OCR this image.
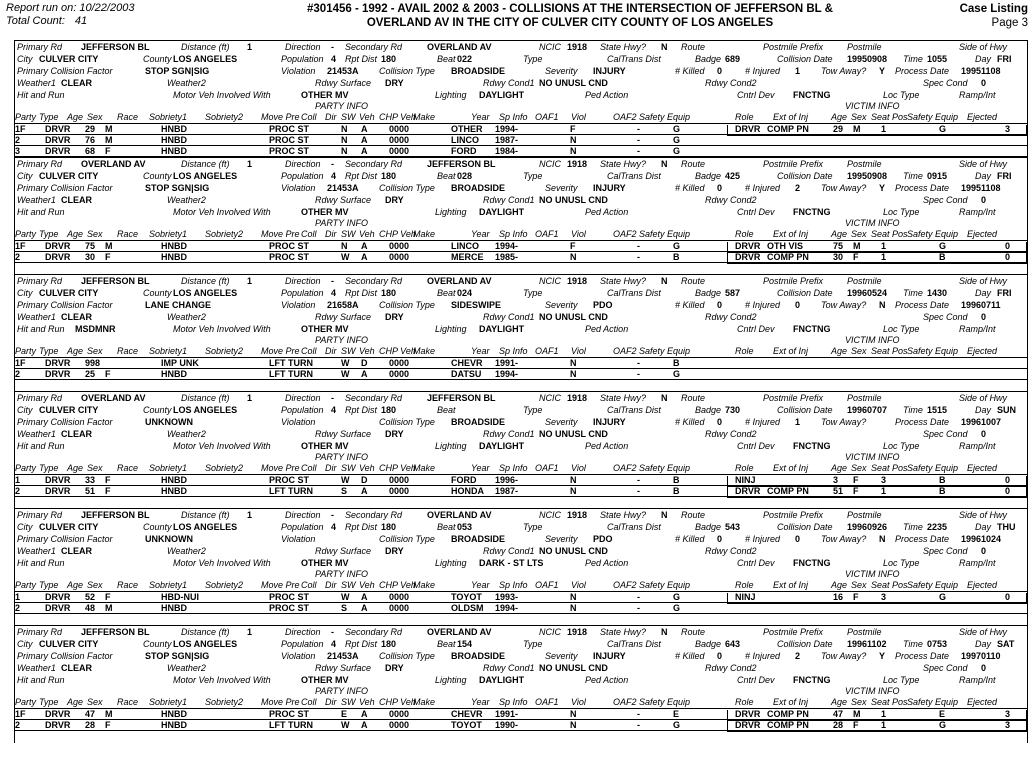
Report run on: 10/22/2003
Total Count: 41
#301456 - 1992 - AVAIL 2002 & 2003 - COLLISIONS AT THE INTERSECTION OF JEFFERSON BL &
OVERLAND AV IN THE CITY OF CULVER CITY COUNTY OF LOS ANGELES
Case Listing
Page 3
Primary Rd JEFFERSON BL	Distance (ft) 1	Direction - Secondary Rd	OVERLAND AV	NCIC 1918 State Hwy? N Route	Postmile Prefix	Postmile	Side of Hwy
City CULVER CITY	County LOS ANGELES	Population 4 Rpt Dist 180	Beat 022	Type	CalTrans Dist	Badge 689	Collision Date 19950908 Time 1055	Day FRI
Primary Collision Factor	STOP SGN|SIG	Violation 21453A Collision Type BROADSIDE	Severity INJURY	# Killed 0	# Injured 1 Tow Away? Y Process Date 19951108
Weather1 CLEAR	Weather2	Rdwy Surface DRY	Rdwy Cond1 NO UNUSL CND	Rdwy Cond2	Spec Cond 0
Hit and Run	Motor Veh Involved With	OTHER MV	Lighting DAYLIGHT	Ped Action	Cntrl Dev FNCTNG	Loc Type	Ramp/Int
PARTY INFO	VICTIM INFO
Party Type Age Sex Race Sobriety1 Sobriety2 Move Pre Coll Dir SW Veh CHP Veh
Make	Year Sp Info OAF1 Viol	OAF2 Safety Equip	Role Ext of Inj	Age Sex Seat Pos Safety Equip Ejected
1F DRVR 29 M	HNBD	PROC ST	N A 0000	OTHER 1994 -	F	-	G	DRVR COMP PN	29 M 1	G	3
2	DRVR 76 M	HNBD	PROC ST	N A 0000	LINCO 1987 -	N	-	G
3	DRVR 68 F	HNBD	PROC ST	N A 0000	FORD 1984 -	N	-	G
Primary Rd OVERLAND AV	Distance (ft) 1	Direction - Secondary Rd	JEFFERSON BL	NCIC 1918 State Hwy? N Route	Postmile Prefix	Postmile	Side of Hwy
City CULVER CITY	County LOS ANGELES	Population 4 Rpt Dist 180	Beat 028	Type	CalTrans Dist	Badge 425	Collision Date 19950908 Time 0915	Day FRI
Primary Collision Factor	STOP SGN|SIG	Violation 21453A Collision Type BROADSIDE	Severity INJURY	# Killed 0	# Injured 2 Tow Away? Y Process Date 19951108
Weather1 CLEAR	Weather2	Rdwy Surface DRY	Rdwy Cond1 NO UNUSL CND	Rdwy Cond2	Spec Cond 0
Hit and Run	Motor Veh Involved With	OTHER MV	Lighting DAYLIGHT	Ped Action	Cntrl Dev FNCTNG	Loc Type	Ramp/Int
PARTY INFO	VICTIM INFO
Party Type Age Sex Race Sobriety1 Sobriety2 Move Pre Coll Dir SW Veh CHP Veh
Make	Year Sp Info OAF1 Viol	OAF2 Safety Equip	Role Ext of Inj	Age Sex Seat Pos Safety Equip Ejected
1F DRVR 75 M	HNBD	PROC ST	N A 0000	LINCO 1994 -	F	-	G	DRVR OTH VIS	75 M 1	G	0
2	DRVR 30 F	HNBD	PROC ST	W A 0000	MERCE 1985 -	N	-	B	DRVR COMP PN	30 F	1	B	0
Primary Rd JEFFERSON BL	Distance (ft) 1	Direction - Secondary Rd	OVERLAND AV	NCIC 1918 State Hwy? N Route	Postmile Prefix	Postmile	Side of Hwy
City CULVER CITY	County LOS ANGELES	Population 4 Rpt Dist 180	Beat 024	Type	CalTrans Dist	Badge 587	Collision Date 19960524 Time 1430	Day FRI
Primary Collision Factor	LANE CHANGE	Violation 21658A Collision Type SIDESWIPE	Severity PDO	# Killed 0	# Injured 0 Tow Away? N Process Date 19960711
Weather1 CLEAR	Weather2	Rdwy Surface DRY	Rdwy Cond1 NO UNUSL CND	Rdwy Cond2	Spec Cond 0
Hit and Run MSDMNR	Motor Veh Involved With	OTHER MV	Lighting DAYLIGHT	Ped Action	Cntrl Dev FNCTNG	Loc Type	Ramp/Int
PARTY INFO	VICTIM INFO
Party Type Age Sex Race Sobriety1 Sobriety2 Move Pre Coll Dir SW Veh CHP Veh
Make	Year Sp Info OAF1 Viol	OAF2 Safety Equip	Role Ext of Inj	Age Sex Seat Pos Safety Equip Ejected
1F DRVR 998	IMP UNK	LFT TURN	W D 0000	CHEVR 1991 -	N	-	B
2	DRVR 25 F	HNBD	LFT TURN	W A 0000	DATSU 1994 -	N	-	G
Primary Rd OVERLAND AV	Distance (ft) 1	Direction - Secondary Rd	JEFFERSON BL	NCIC 1918 State Hwy? N Route	Postmile Prefix	Postmile	Side of Hwy
City CULVER CITY	County LOS ANGELES	Population 4 Rpt Dist 180	Beat	Type	CalTrans Dist	Badge 730	Collision Date 19960707 Time 1515	Day SUN
Primary Collision Factor	UNKNOWN	Violation	Collision Type BROADSIDE	Severity INJURY	# Killed 0	# Injured 1 Tow Away?	Process Date 19961007
Weather1 CLEAR	Weather2	Rdwy Surface DRY	Rdwy Cond1 NO UNUSL CND	Rdwy Cond2	Spec Cond 0
Hit and Run	Motor Veh Involved With	OTHER MV	Lighting DAYLIGHT	Ped Action	Cntrl Dev FNCTNG	Loc Type	Ramp/Int
PARTY INFO	VICTIM INFO
Party Type Age Sex Race Sobriety1 Sobriety2 Move Pre Coll Dir SW Veh CHP Veh
Make	Year Sp Info OAF1 Viol	OAF2 Safety Equip	Role Ext of Inj	Age Sex Seat Pos Safety Equip Ejected
1	DRVR 33 F	HNBD	PROC ST	W D 0000	FORD 1996 -	N	-	B	NINJ	3 F	3	B	0
2	DRVR 51 F	HNBD	LFT TURN	S A 0000	HONDA 1987 -	N	-	B	DRVR COMP PN	51 F	1	B	0
Primary Rd JEFFERSON BL	Distance (ft) 1	Direction - Secondary Rd	OVERLAND AV	NCIC 1918 State Hwy? N Route	Postmile Prefix	Postmile	Side of Hwy
City CULVER CITY	County LOS ANGELES	Population 4 Rpt Dist 180	Beat 053	Type	CalTrans Dist	Badge 543	Collision Date 19960926 Time 2235	Day THU
Primary Collision Factor	UNKNOWN	Violation	Collision Type BROADSIDE	Severity PDO	# Killed 0	# Injured 0 Tow Away? N Process Date 19961024
Weather1 CLEAR	Weather2	Rdwy Surface DRY	Rdwy Cond1 NO UNUSL CND	Rdwy Cond2	Spec Cond 0
Hit and Run	Motor Veh Involved With	OTHER MV	Lighting DARK - ST LTS	Ped Action	Cntrl Dev FNCTNG	Loc Type	Ramp/Int
PARTY INFO	VICTIM INFO
Party Type Age Sex Race Sobriety1 Sobriety2 Move Pre Coll Dir SW Veh CHP Veh
Make	Year Sp Info OAF1 Viol	OAF2 Safety Equip	Role Ext of Inj	Age Sex Seat Pos Safety Equip Ejected
1	DRVR 52 F	HBD-NUI	PROC ST	W A 0000	TOYOT 1993 -	N	-	G	NINJ	16 F	3	G	0
2	DRVR 48 M	HNBD	PROC ST	S A 0000	OLDSM 1994 -	N	-	G
Primary Rd JEFFERSON BL	Distance (ft) 1	Direction - Secondary Rd	OVERLAND AV	NCIC 1918 State Hwy? N Route	Postmile Prefix	Postmile	Side of Hwy
City CULVER CITY	County LOS ANGELES	Population 4 Rpt Dist 180	Beat 154	Type	CalTrans Dist	Badge 643	Collision Date 19961102 Time 0753	Day SAT
Primary Collision Factor	STOP SGN|SIG	Violation 21453A Collision Type BROADSIDE	Severity INJURY	# Killed 0	# Injured 2 Tow Away? Y Process Date 19970110
Weather1 CLEAR	Weather2	Rdwy Surface DRY	Rdwy Cond1 NO UNUSL CND	Rdwy Cond2	Spec Cond 0
Hit and Run	Motor Veh Involved With	OTHER MV	Lighting DAYLIGHT	Ped Action	Cntrl Dev FNCTNG	Loc Type	Ramp/Int
PARTY INFO	VICTIM INFO
Party Type Age Sex Race Sobriety1 Sobriety2 Move Pre Coll Dir SW Veh CHP Veh
Make	Year Sp Info OAF1 Viol	OAF2 Safety Equip	Role Ext of Inj	Age Sex Seat Pos Safety Equip Ejected
1F DRVR 47 M	HNBD	PROC ST	E A 0000	CHEVR 1991 -	N	-	E	DRVR COMP PN	47 M 1	E	3
2	DRVR 28 F	HNBD	LFT TURN	W A 0000	TOYOT 1990 -	N	-	G	DRVR COMP PN	28 F	1	G	3
